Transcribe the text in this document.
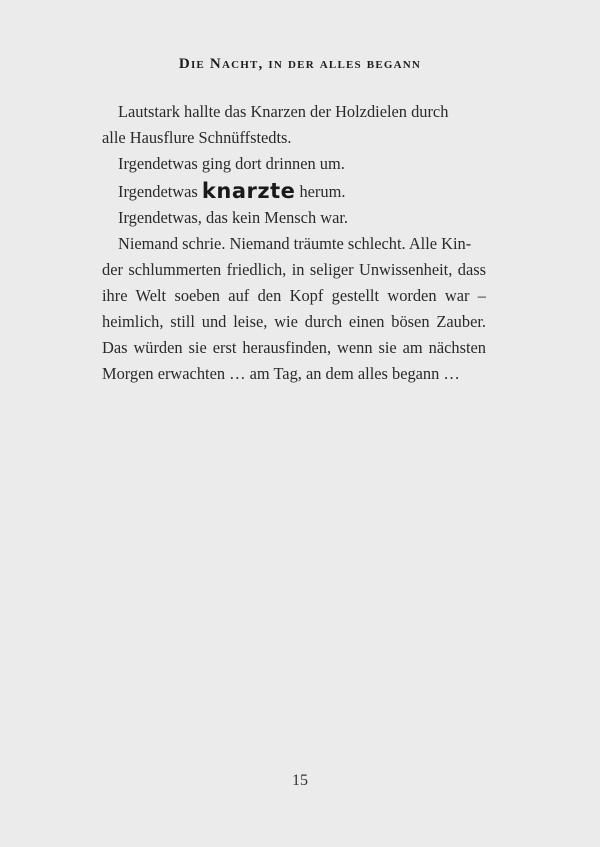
Die Nacht, in der alles begann
Lautstark hallte das Knarzen der Holzdielen durch
alle Hausflure Schnüffstedts.
Irgendetwas ging dort drinnen um.
Irgendetwas knarzte herum.
Irgendetwas, das kein Mensch war.
Niemand schrie. Niemand träumte schlecht. Alle Kin-
der schlummerten friedlich, in seliger Unwissenheit, dass
ihre Welt soeben auf den Kopf gestellt worden war –
heimlich, still und leise, wie durch einen bösen Zauber.
Das würden sie erst herausfinden, wenn sie am nächsten
Morgen erwachten … am Tag, an dem alles begann …
15
